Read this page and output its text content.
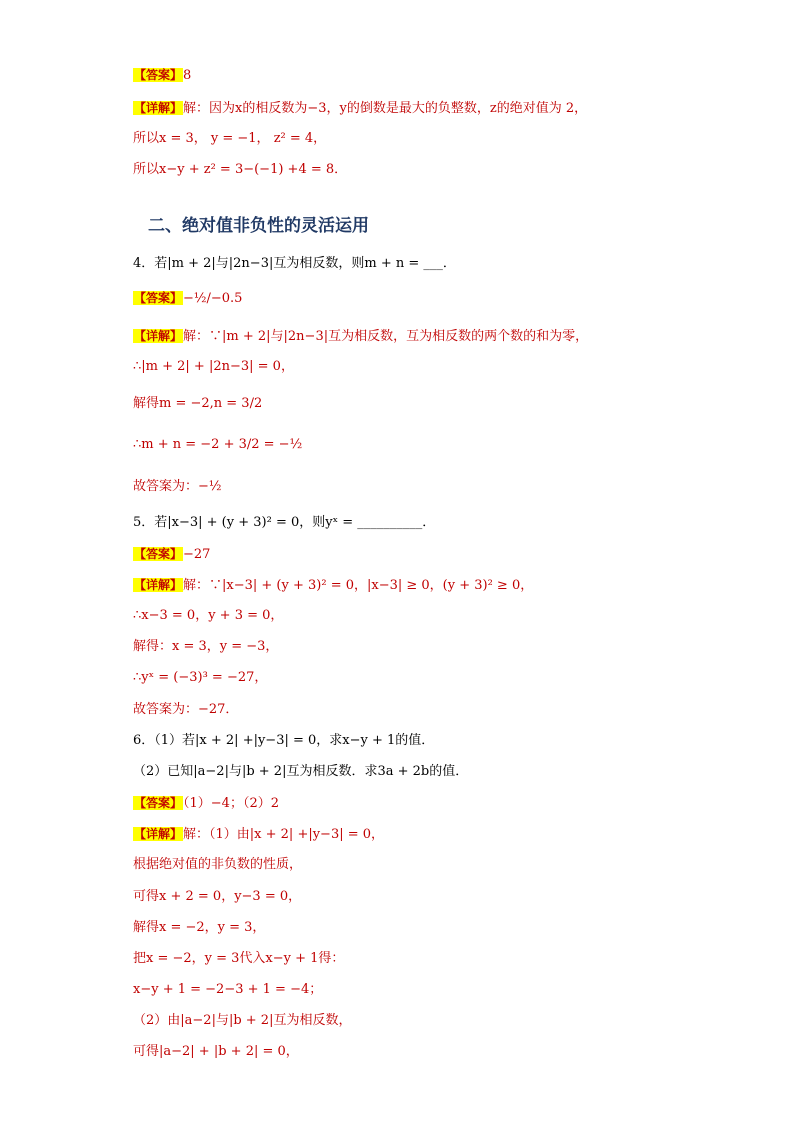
【答案】8
【详解】解：因为x的相反数为−3，y的倒数是最大的负整数，z的绝对值为 2，
所以x = 3， y = −1， z² = 4，
所以x−y + z² = 3−(−1) +4 = 8．
4．若|m + 2|与|2n−3|互为相反数，则m + n = ___．
【答案】−½/−0.5
【详解】解：∵|m + 2|与|2n−3|互为相反数，互为相反数的两个数的和为零，
∴|m + 2| + |2n−3| = 0，
解得m = −2,n = 3/2
∴m + n = −2 + 3/2 = −½
故答案为：−½
5．若|x−3| + (y + 3)² = 0，则yˣ = __________．
【答案】−27
【详解】解：∵|x−3| + (y + 3)² = 0，|x−3| ≥ 0，(y + 3)² ≥ 0，
∴x−3 = 0，y + 3 = 0，
解得：x = 3，y = −3，
∴yˣ = (−3)³ = −27，
故答案为：−27．
6．（1）若|x + 2| +|y−3| = 0，求x−y + 1的值．
（2）已知|a−2|与|b + 2|互为相反数．求3a + 2b的值．
【答案】（1）−4；（2）2
【详解】解：（1）由|x + 2| +|y−3| = 0，
根据绝对值的非负数的性质，
可得x + 2 = 0，y−3 = 0，
解得x = −2，y = 3，
把x = −2，y = 3代入x−y + 1得：
x−y + 1 = −2−3 + 1 = −4；
（2）由|a−2|与|b + 2|互为相反数，
可得|a−2| + |b + 2| = 0，
二、绝对值非负性的灵活运用
